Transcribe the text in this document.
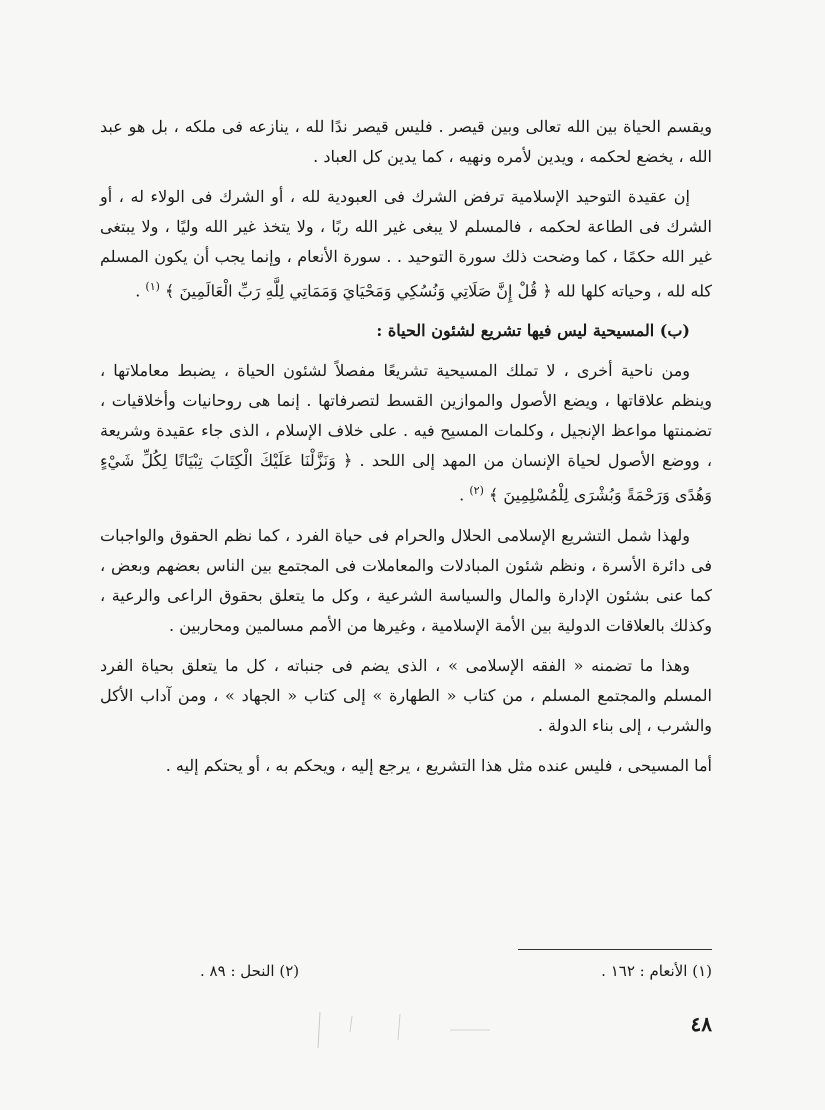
ويقسم الحياة بين الله تعالى وبين قيصر . فليس قيصر ندًا لله ، ينازعه فى ملكه ، بل هو عبد الله ، يخضع لحكمه ، ويدين لأمره ونهيه ، كما يدين كل العباد .

إن عقيدة التوحيد الإسلامية ترفض الشرك فى العبودية لله ، أو الشرك فى الولاء له ، أو الشرك فى الطاعة لحكمه ، فالمسلم لا يبغى غير الله ربًا ، ولا يتخذ غير الله وليًا ، ولا يبتغى غير الله حكمًا ، كما وضحت ذلك سورة التوحيد . . سورة الأنعام ، وإنما يجب أن يكون المسلم كله لله ، وحياته كلها لله ﴿ قُلْ إِنَّ صَلَاتِي وَنُسُكِي وَمَحْيَايَ وَمَمَاتِي لِلَّهِ رَبِّ الْعَالَمِينَ ﴾ $^{(١)}$ .

(ب) المسيحية ليس فيها تشريع لشئون الحياة :

ومن ناحية أخرى ، لا تملك المسيحية تشريعًا مفصلاً لشئون الحياة ، يضبط معاملاتها ، وينظم علاقاتها ، ويضع الأصول والموازين القسط لتصرفاتها . إنما هى روحانيات وأخلاقيات ، تضمنتها مواعظ الإنجيل ، وكلمات المسيح فيه . على خلاف الإسلام ، الذى جاء عقيدة وشريعة ، ووضع الأصول لحياة الإنسان من المهد إلى اللحد . ﴿ وَنَزَّلْنَا عَلَيْكَ الْكِتَابَ تِبْيَانًا لِكُلِّ شَيْءٍ وَهُدًى وَرَحْمَةً وَبُشْرَى لِلْمُسْلِمِينَ ﴾ $^{(٢)}$ .

ولهذا شمل التشريع الإسلامى الحلال والحرام فى حياة الفرد ، كما نظم الحقوق والواجبات فى دائرة الأسرة ، ونظم شئون المبادلات والمعاملات فى المجتمع بين الناس بعضهم وبعض ، كما عنى بشئون الإدارة والمال والسياسة الشرعية ، وكل ما يتعلق بحقوق الراعى والرعية ، وكذلك بالعلاقات الدولية بين الأمة الإسلامية ، وغيرها من الأمم مسالمين ومحاربين .

وهذا ما تضمنه « الفقه الإسلامى » ، الذى يضم فى جنباته ، كل ما يتعلق بحياة الفرد المسلم والمجتمع المسلم ، من كتاب « الطهارة » إلى كتاب « الجهاد » ، ومن آداب الأكل والشرب ، إلى بناء الدولة .

أما المسيحى ، فليس عنده مثل هذا التشريع ، يرجع إليه ، ويحكم به ، أو يحتكم إليه .

(١) الأنعام : ١٦٢ .
(٢) النحل : ٨٩ .
٤٨
